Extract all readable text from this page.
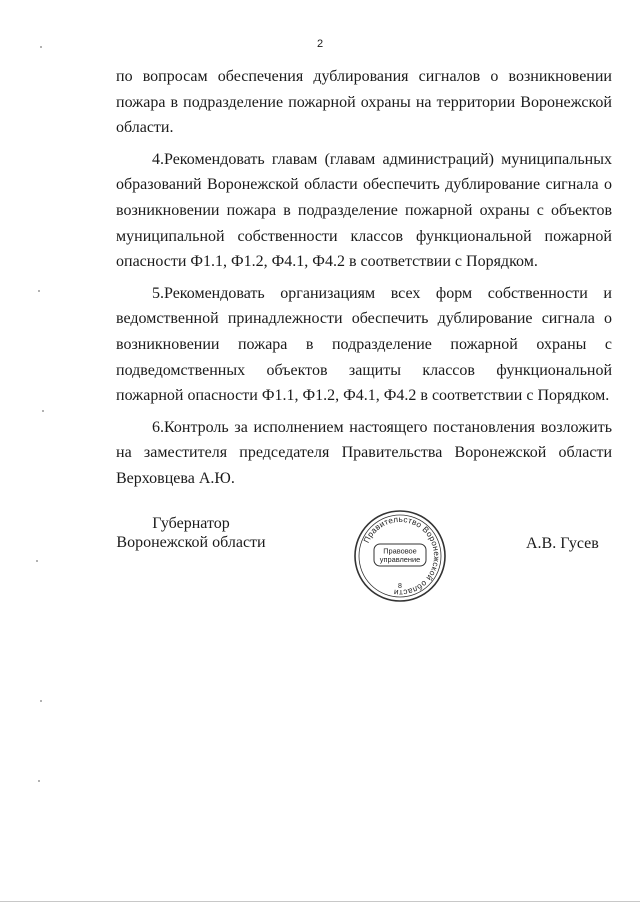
2

по вопросам обеспечения дублирования сигналов о возникновении пожара в подразделение пожарной охраны на территории Воронежской области.

4.Рекомендовать главам (главам администраций) муниципальных образований Воронежской области обеспечить дублирование сигнала о возникновении пожара в подразделение пожарной охраны с объектов муниципальной собственности классов функциональной пожарной опасности Ф1.1, Ф1.2, Ф4.1, Ф4.2 в соответствии с Порядком.

5.Рекомендовать организациям всех форм собственности и ведомственной принадлежности обеспечить дублирование сигнала о возникновении пожара в подразделение пожарной охраны с подведомственных объектов защиты классов функциональной пожарной опасности Ф1.1, Ф1.2, Ф4.1, Ф4.2 в соответствии с Порядком.

6.Контроль за исполнением настоящего постановления возложить на заместителя председателя Правительства Воронежской области Верховцева А.Ю.

Губернатор
Воронежской области	Правительство Воронежской области
Правовое
управление
8
А.В. Гусев
